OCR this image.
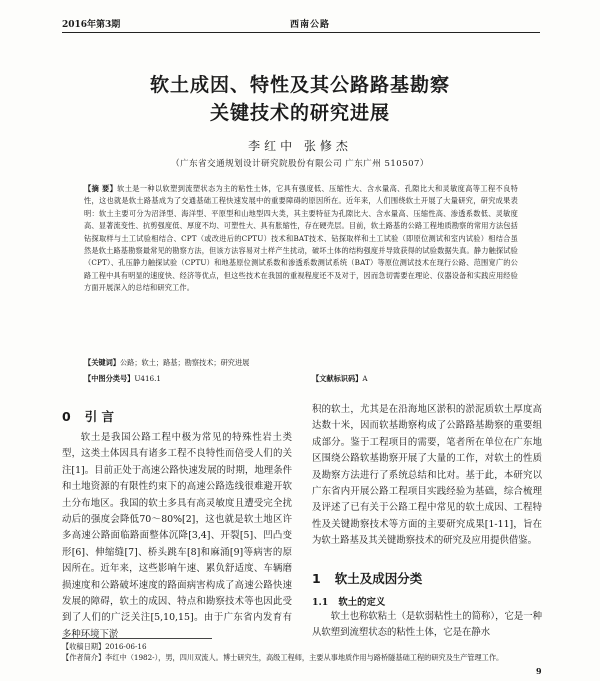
2016年第3期	西南公路
软土成因、特性及其公路路基勘察
关键技术的研究进展
李红中 张修杰
（广东省交通规划设计研究院股份有限公司 广东广州 510507）
【摘 要】软土是一种以软塑到流塑状态为主的粘性土体，它具有强度低、压缩性大、含水量高、孔隙比大和灵敏度高等工程不良特性，这也就是软土路基成为了交通基础工程快速发展中的重要障碍的原因所在。近年来，人们围绕软土开展了大量研究，研究成果表明：软土主要可分为沼泽型、海洋型、平原型和山地型四大类，其主要特征为孔隙比大、含水量高、压缩性高、渗透系数低、灵敏度高、显著流变性、抗剪强度低、厚度不均、可塑性大、具有胀缩性，存在硬壳层。目前，软土路基的公路工程地质勘察的常用方法包括钻探取样与土工试验相结合、CPT（或改进后的CPTU）技术和BAT技术、钻探取样和土工试验（即原位测试和室内试验）相结合虽然是软土路基勘察最常见的勘察方法，但该方法容易对土样产生扰动，破坏土体的结构强度并导致获得的试验数据失真。静力触探试验（CPT）、孔压静力触探试验（CPTU）和地基原位测试系数和渗透系数测试系统（BAT）等原位测试技术在现行公路、范围宽广的公路工程中具有明显的速度快、经济等优点，但这些技术在我国的重视程度还不及对于，因而急切需要在理论、仪器设备和实践应用经验方面开展深入的总结和研究工作。
【关键词】公路；软土；路基；勘察技术；研究进展
【中图分类号】U416.1	【文献标识码】A
0 引 言

软土是我国公路工程中极为常见的特殊性岩土类型，这类土体因具有诸多工程不良特性而倍受人们的关注[1]。目前正处于高速公路快速发展的时期，地理条件和土地资源的有限性约束下的高速公路选线很难避开软土分布地区。我国的软土多具有高灵敏度且遭受完全扰动后的强度会降低70～80%[2]，这也就是软土地区许多高速公路面临路面整体沉降[3,4]、开裂[5]、凹凸变形[6]、伸缩缝[7]、桥头跳车[8]和麻涌[9]等病害的原因所在。近年来，这些影响午速、累负舒适度、车辆磨损速度和公路破坏速度的路面病害构成了高速公路快速发展的障碍，软土的成因、特点和勘察技术等也因此受到了人们的广泛关注[5,10,15]。由于广东省内发育有多种环境下淤

积的软土，尤其是在沿海地区淤积的淤泥质软土厚度高达数十米，因而软基勘察构成了公路路基勘察的重要组成部分。鉴于工程项目的需要，笔者所在单位在广东地区围绕公路软基勘察开展了大量的工作，对软土的性质及勘察方法进行了系统总结和比对。基于此，本研究以广东省内开展公路工程项目实践经验为基础，综合梳理及评述了已有关于公路工程中常见的软土成因、工程特性及关键勘察技术等方面的主要研究成果[1-11]，旨在为软土路基及其关键勘察技术的研究及应用提供借鉴。

1 软土及成因分类
1.1 软土的定义

软土也称软粘土（是软弱粘性土的简称），它是一种从软塑到流塑状态的粘性土体，它是在静水

【收稿日期】2016-06-16
【作者简介】李红中（1982-），男，四川双流人。博士研究生，高级工程师，主要从事地质作用与路桥隧基础工程的研究及生产管理工作。
9
